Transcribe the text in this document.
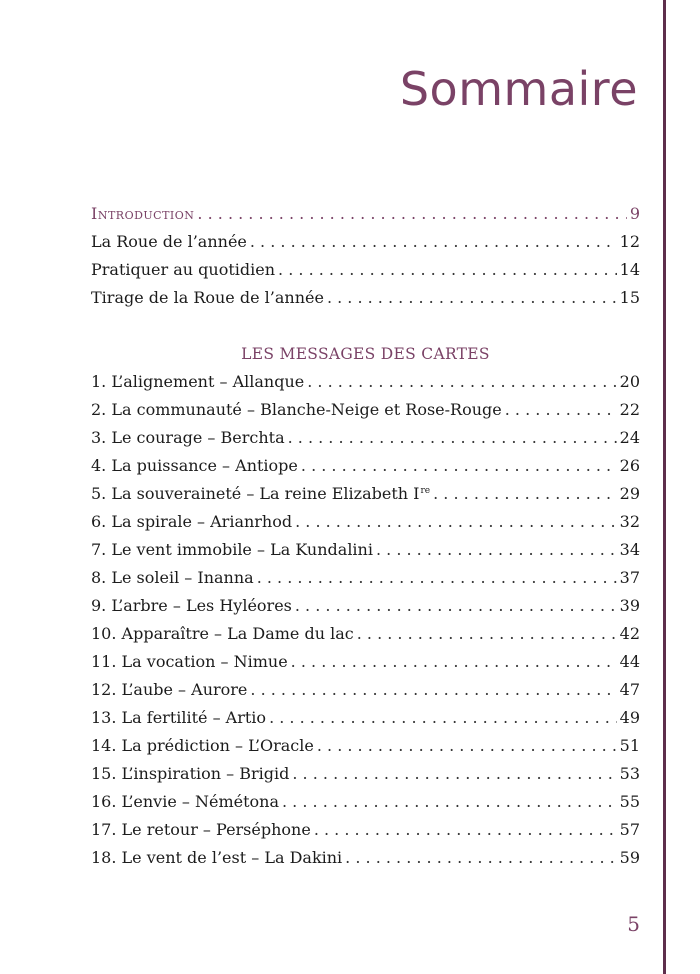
Sommaire
Introduction . . .	9
La Roue de l’année . . .	12
Pratiquer au quotidien . . .	14
Tirage de la Roue de l’année . . .	15
LES MESSAGES DES CARTES
1. L’alignement – Allanque . . .	20
2. La communauté – Blanche-Neige et Rose-Rouge . . .	22
3. Le courage – Berchta . . .	24
4. La puissance – Antiope . . .	26
5. La souveraineté – La reine Elizabeth Ire . . .	29
6. La spirale – Arianrhod . . .	32
7. Le vent immobile – La Kundalini . . .	34
8. Le soleil – Inanna . . .	37
9. L’arbre – Les Hyléores . . .	39
10. Apparaître – La Dame du lac . . .	42
11. La vocation – Nimue . . .	44
12. L’aube – Aurore . . .	47
13. La fertilité – Artio . . .	49
14. La prédiction – L’Oracle . . .	51
15. L’inspiration – Brigid . . .	53
16. L’envie – Némétona . . .	55
17. Le retour – Perséphone . . .	57
18. Le vent de l’est – La Dakini . . .	59
5
